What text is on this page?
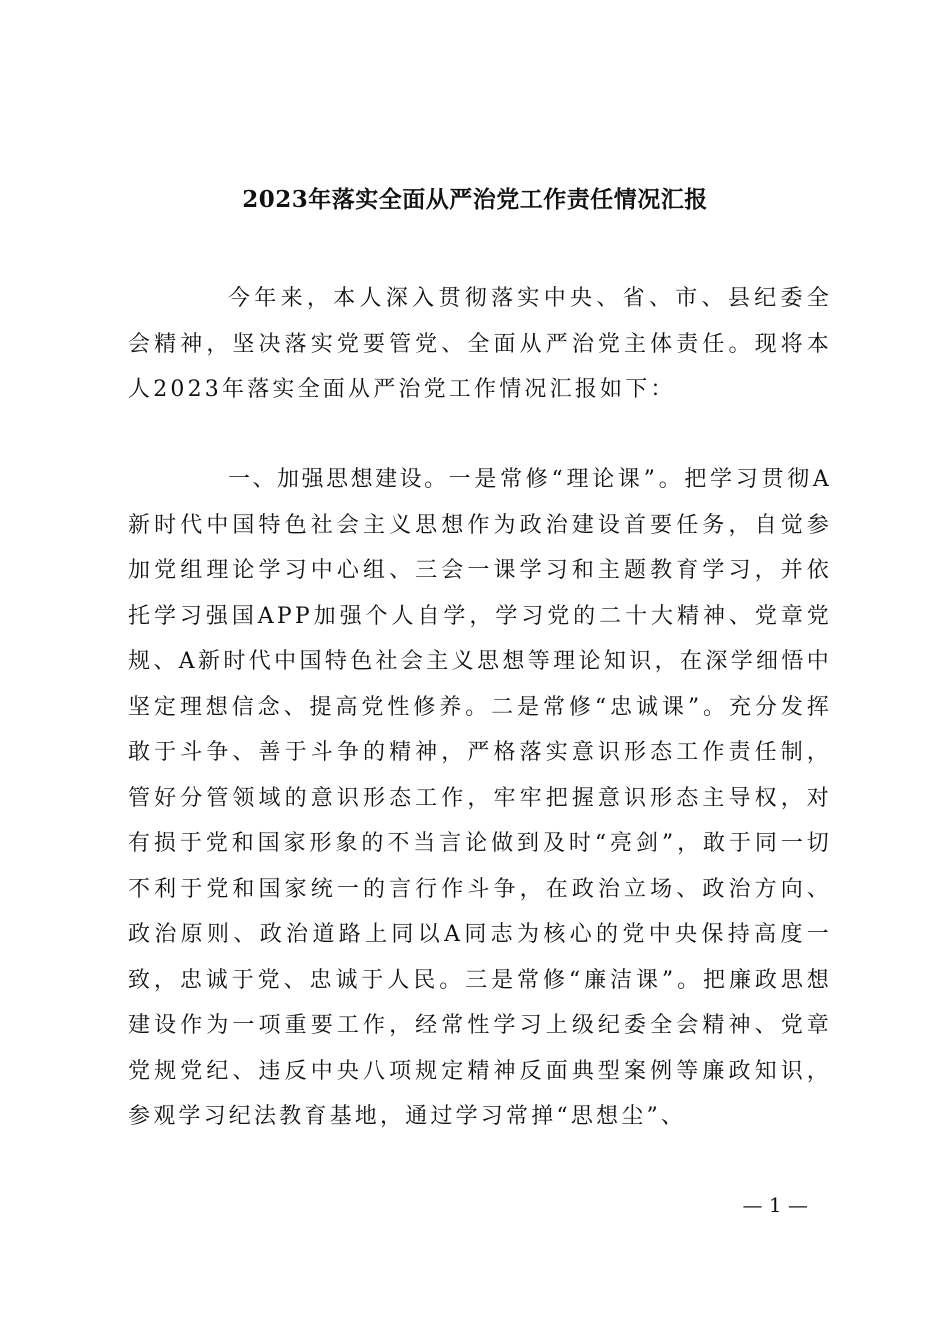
2023年落实全面从严治党工作责任情况汇报

今年来，本人深入贯彻落实中央、省、市、县纪委全会精神，坚决落实党要管党、全面从严治党主体责任。现将本人2023年落实全面从严治党工作情况汇报如下：

一、加强思想建设。一是常修“理论课”。把学习贯彻A新时代中国特色社会主义思想作为政治建设首要任务，自觉参加党组理论学习中心组、三会一课学习和主题教育学习，并依托学习强国APP加强个人自学，学习党的二十大精神、党章党规、A新时代中国特色社会主义思想等理论知识，在深学细悟中坚定理想信念、提高党性修养。二是常修“忠诚课”。充分发挥敢于斗争、善于斗争的精神，严格落实意识形态工作责任制，管好分管领域的意识形态工作，牢牢把握意识形态主导权，对有损于党和国家形象的不当言论做到及时“亮剑”，敢于同一切不利于党和国家统一的言行作斗争，在政治立场、政治方向、政治原则、政治道路上同以A同志为核心的党中央保持高度一致，忠诚于党、忠诚于人民。三是常修“廉洁课”。把廉政思想建设作为一项重要工作，经常性学习上级纪委全会精神、党章党规党纪、违反中央八项规定精神反面典型案例等廉政知识，参观学习纪法教育基地，通过学习常掸“思想尘”、

— 1 —
